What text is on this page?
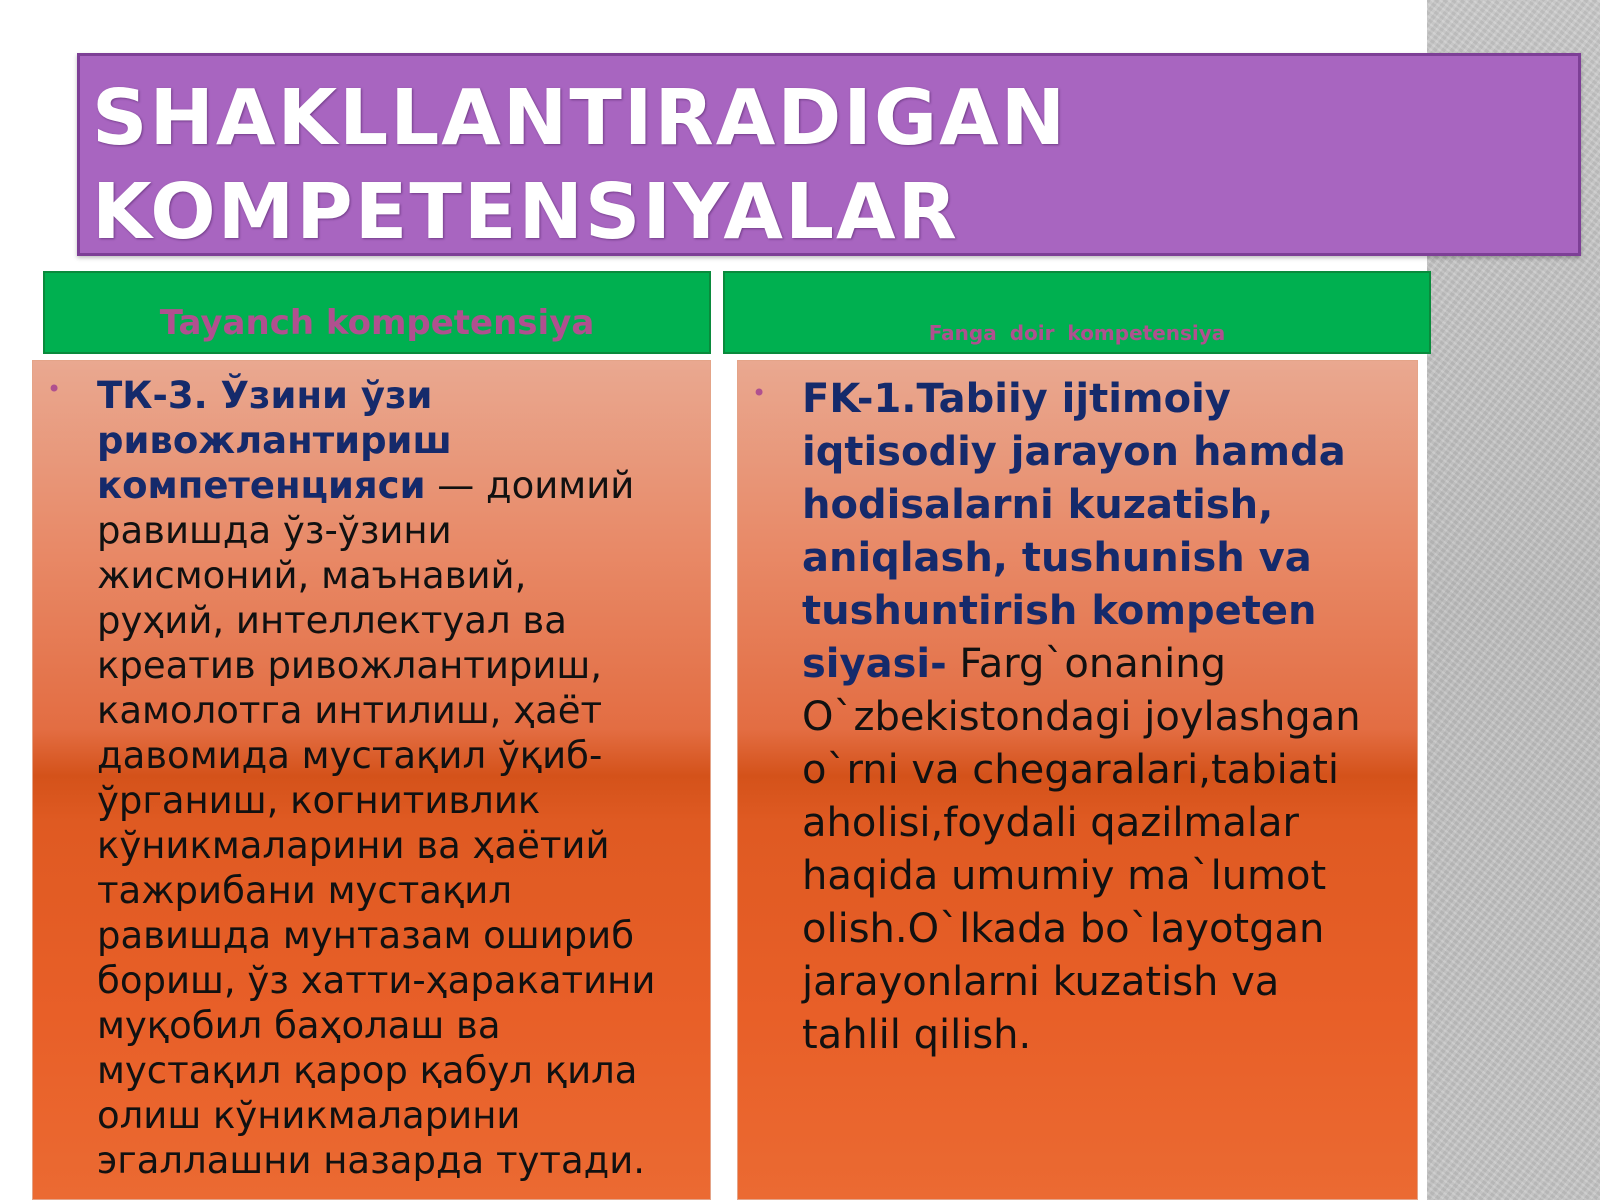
SHAKLLANTIRADIGAN
KOMPETENSIYALAR
Tayanch kompetensiya	Fanga doir kompetensiya
• ТК-3. Ўзини ўзи
ривожлантириш
компетенцияси — доимий
равишда ўз-ўзини
жисмоний, маънавий,
руҳий, интеллектуал ва
креатив ривожлантириш,
камолотга интилиш, ҳаёт
давомида мустақил ўқиб-
ўрганиш, когнитивлик
кўникмаларини ва ҳаётий
тажрибани мустақил
равишда мунтазам ошириб
бориш, ўз хатти-ҳаракатини
муқобил баҳолаш ва
мустақил қарор қабул қила
олиш кўникмаларини
эгаллашни назарда тутади.

• FK-1.Tabiiy ijtimoiy
iqtisodiy jarayon hamda
hodisalarni kuzatish,
aniqlash, tushunish va
tushuntirish kompeten
siyasi- Farg`onaning
O`zbekistondagi joylashgan
o`rni va chegaralari,tabiati
aholisi,foydali qazilmalar
haqida umumiy ma`lumot
olish.O`lkada bo`layotgan
jarayonlarni kuzatish va
tahlil qilish.
